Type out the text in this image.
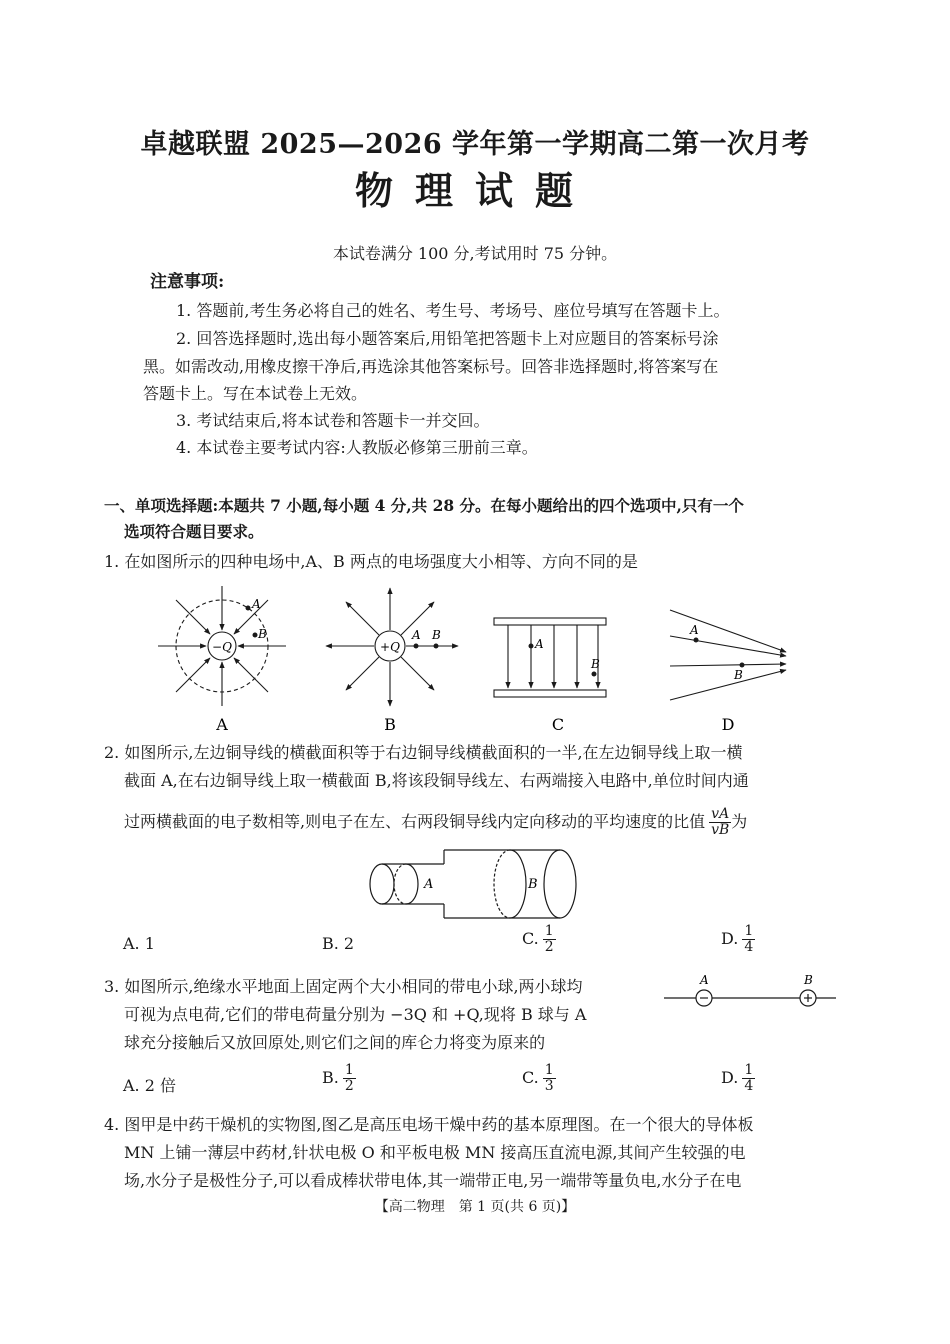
卓越联盟 2025—2026 学年第一学期高二第一次月考
物理试题
本试卷满分 100 分,考试用时 75 分钟。
注意事项:
1. 答题前,考生务必将自己的姓名、考生号、考场号、座位号填写在答题卡上。
2. 回答选择题时,选出每小题答案后,用铅笔把答题卡上对应题目的答案标号涂
黑。如需改动,用橡皮擦干净后,再选涂其他答案标号。回答非选择题时,将答案写在
答题卡上。写在本试卷上无效。
3. 考试结束后,将本试卷和答题卡一并交回。
4. 本试卷主要考试内容:人教版必修第三册前三章。
一、单项选择题:本题共 7 小题,每小题 4 分,共 28 分。在每小题给出的四个选项中,只有一个
选项符合题目要求。
1. 在如图所示的四种电场中,A、B 两点的电场强度大小相等、方向不同的是
−Q
A
B
A
+Q
A B
B
A
B
C
A
B
D
2. 如图所示,左边铜导线的横截面积等于右边铜导线横截面积的一半,在左边铜导线上取一横
截面 A,在右边铜导线上取一横截面 B,将该段铜导线左、右两端接入电路中,单位时间内通
过两横截面的电子数相等,则电子在左、右两段铜导线内定向移动的平均速度的比值 $\frac{vA}{vB}$ 为
A	B
A. 1	B. 2	C. $\frac{1}{2}$	D. $\frac{1}{4}$
3. 如图所示,绝缘水平地面上固定两个大小相同的带电小球,两小球均
可视为点电荷,它们的带电荷量分别为 −3Q 和 +Q,现将 B 球与 A
球充分接触后又放回原处,则它们之间的库仑力将变为原来的
A	B
A. 2 倍	B. $\frac{1}{2}$	C. $\frac{1}{3}$	D. $\frac{1}{4}$
4. 图甲是中药干燥机的实物图,图乙是高压电场干燥中药的基本原理图。在一个很大的导体板
MN 上铺一薄层中药材,针状电极 O 和平板电极 MN 接高压直流电源,其间产生较强的电
场,水分子是极性分子,可以看成棒状带电体,其一端带正电,另一端带等量负电,水分子在电
【高二物理　第 1 页(共 6 页)】
